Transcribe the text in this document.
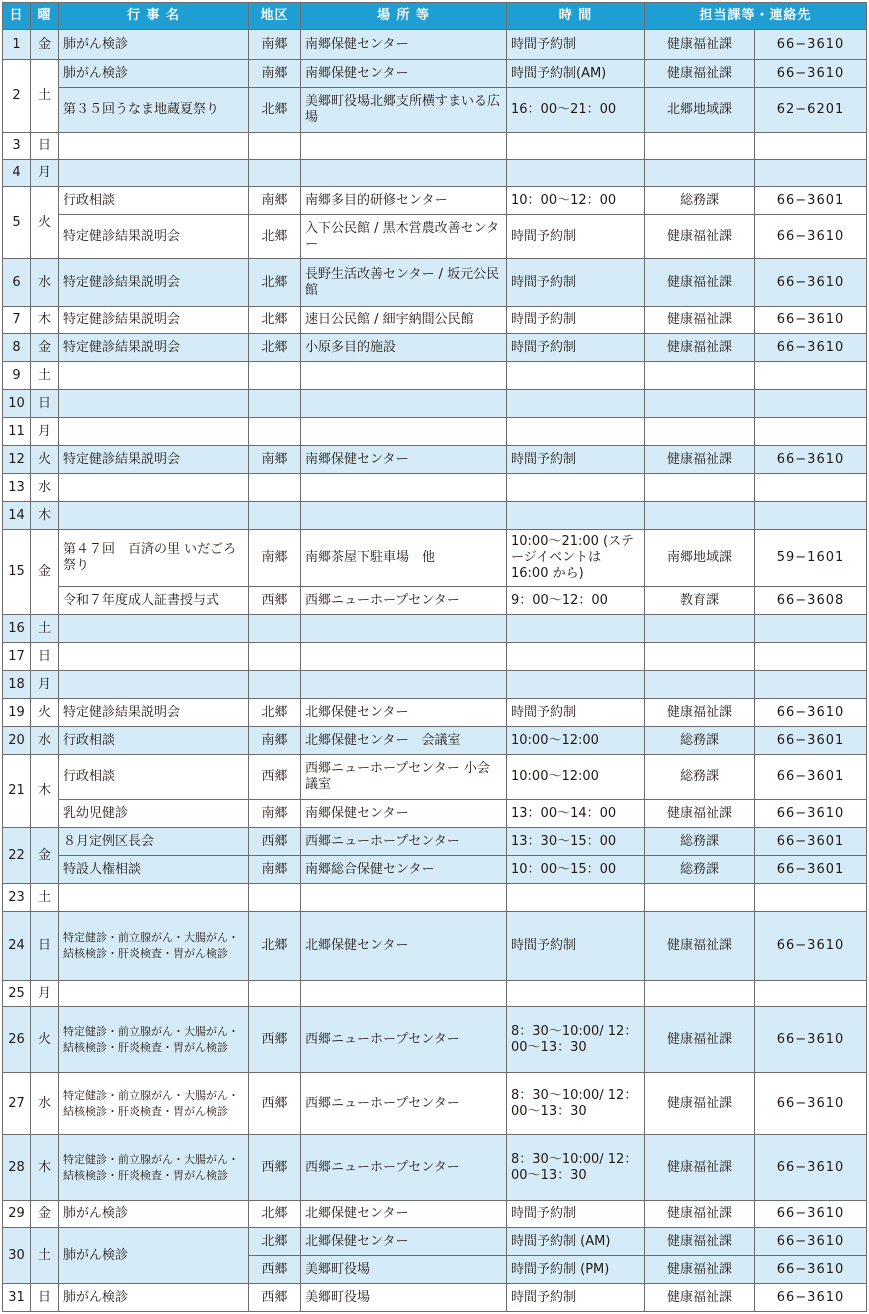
日	曜	行 事 名	地区	場 所 等	時 間	担当課等・連絡先	
1	金	肺がん検診	南郷	南郷保健センター	時間予約制	健康福祉課	66−3610
2	土	肺がん検診	南郷	南郷保健センター	時間予約制(AM)	健康福祉課	66−3610
		第３５回うなま地蔵夏祭り	北郷	美郷町役場北郷支所横すまいる広場	16：00〜21：00	北郷地域課	62−6201
3	日						
4	月						
5	火	行政相談	南郷	南郷多目的研修センター	10：00〜12：00	総務課	66−3601
		特定健診結果説明会	北郷	入下公民館 / 黒木営農改善センター	時間予約制	健康福祉課	66−3610
6	水	特定健診結果説明会	北郷	長野生活改善センター / 坂元公民館	時間予約制	健康福祉課	66−3610
7	木	特定健診結果説明会	北郷	速日公民館 / 細宇納間公民館	時間予約制	健康福祉課	66−3610
8	金	特定健診結果説明会	北郷	小原多目的施設	時間予約制	健康福祉課	66−3610
9	土						
10	日						
11	月						
12	火	特定健診結果説明会	南郷	南郷保健センター	時間予約制	健康福祉課	66−3610
13	水						
14	木						
15	金	第４７回　百済の里 いだごろ祭り	南郷	南郷茶屋下駐車場　他	10:00〜21:00 (ステージイベントは 16:00 から)	南郷地域課	59−1601
		令和７年度成人証書授与式	西郷	西郷ニューホープセンター	9：00〜12：00	教育課	66−3608
16	土						
17	日						
18	月						
19	火	特定健診結果説明会	北郷	北郷保健センター	時間予約制	健康福祉課	66−3610
20	水	行政相談	南郷	北郷保健センター　会議室	10:00〜12:00	総務課	66−3601
21	木	行政相談	西郷	西郷ニューホープセンター 小会議室	10:00〜12:00	総務課	66−3601
		乳幼児健診	南郷	南郷保健センター	13：00〜14：00	健康福祉課	66−3610
22	金	８月定例区長会	西郷	西郷ニューホープセンター	13：30〜15：00	総務課	66−3601
		特設人権相談	南郷	南郷総合保健センター	10：00〜15：00	総務課	66−3601
23	土						
24	日	特定健診・前立腺がん・大腸がん・結核検診・肝炎検査・胃がん検診	北郷	北郷保健センター	時間予約制	健康福祉課	66−3610
25	月						
26	火	特定健診・前立腺がん・大腸がん・結核検診・肝炎検査・胃がん検診	西郷	西郷ニューホープセンター	8：30〜10:00/ 12：00〜13：30	健康福祉課	66−3610
27	水	特定健診・前立腺がん・大腸がん・結核検診・肝炎検査・胃がん検診	西郷	西郷ニューホープセンター	8：30〜10:00/ 12：00〜13：30	健康福祉課	66−3610
28	木	特定健診・前立腺がん・大腸がん・結核検診・肝炎検査・胃がん検診	西郷	西郷ニューホープセンター	8：30〜10:00/ 12：00〜13：30	健康福祉課	66−3610
29	金	肺がん検診	北郷	北郷保健センター	時間予約制	健康福祉課	66−3610
30	土	肺がん検診	北郷	北郷保健センター	時間予約制 (AM)	健康福祉課	66−3610
			西郷	美郷町役場	時間予約制 (PM)	健康福祉課	66−3610
31	日	肺がん検診	西郷	美郷町役場	時間予約制	健康福祉課	66−3610
